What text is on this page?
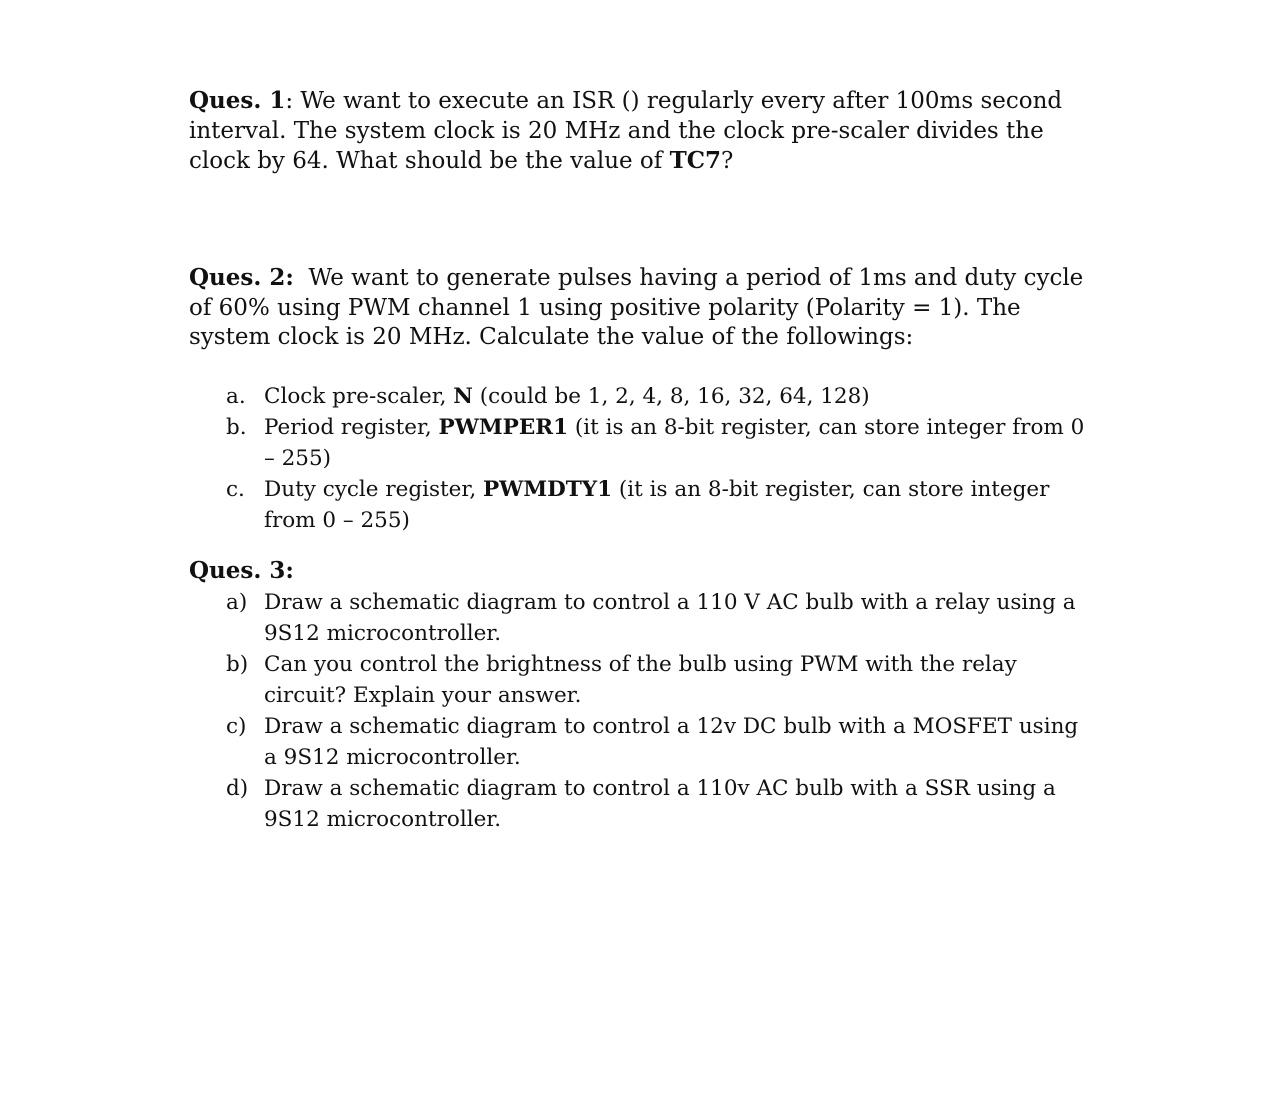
Ques. 1: We want to execute an ISR () regularly every after 100ms second interval. The system clock is 20 MHz and the clock pre-scaler divides the clock by 64. What should be the value of TC7?

Ques. 2: We want to generate pulses having a period of 1ms and duty cycle of 60% using PWM channel 1 using positive polarity (Polarity = 1). The system clock is 20 MHz. Calculate the value of the followings:

a. Clock pre-scaler, N (could be 1, 2, 4, 8, 16, 32, 64, 128)
b. Period register, PWMPER1 (it is an 8-bit register, can store integer from 0 – 255)
c. Duty cycle register, PWMDTY1 (it is an 8-bit register, can store integer from 0 – 255)

Ques. 3:

a) Draw a schematic diagram to control a 110 V AC bulb with a relay using a 9S12 microcontroller.
b) Can you control the brightness of the bulb using PWM with the relay circuit? Explain your answer.
c) Draw a schematic diagram to control a 12v DC bulb with a MOSFET using a 9S12 microcontroller.
d) Draw a schematic diagram to control a 110v AC bulb with a SSR using a 9S12 microcontroller.
